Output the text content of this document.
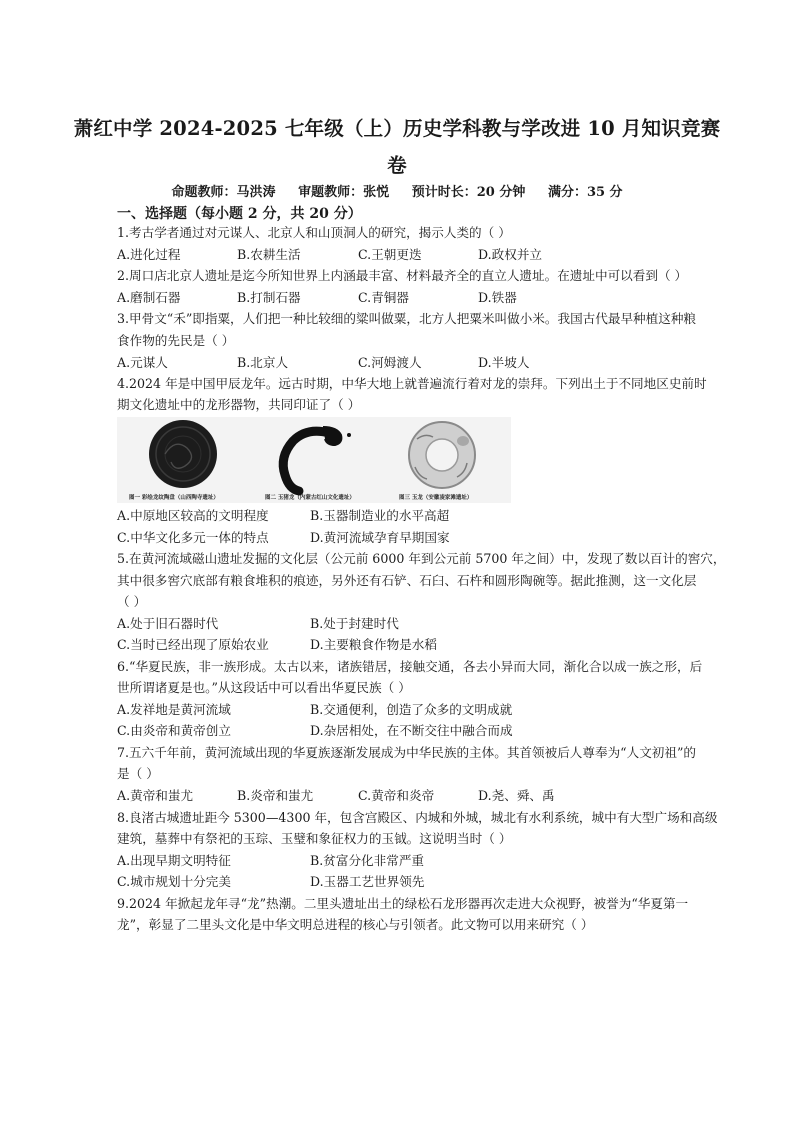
萧红中学 2024-2025 七年级（上）历史学科教与学改进 10 月知识竞赛
卷
命题教师：马洪涛     审题教师：张悦     预计时长：20 分钟     满分：35 分
一、选择题（每小题 2 分，共 20 分）
1.考古学者通过对元谋人、北京人和山顶洞人的研究，揭示人类的（ ）
A.进化过程	B.农耕生活	C.王朝更迭	D.政权并立
2.周口店北京人遗址是迄今所知世界上内涵最丰富、材料最齐全的直立人遗址。在遗址中可以看到（ ）
A.磨制石器	B.打制石器	C.青铜器	D.铁器
3.甲骨文“禾”即指粟，人们把一种比较细的粱叫做粟，北方人把粟米叫做小米。我国古代最早种植这种粮
食作物的先民是（ ）
A.元谋人	B.北京人	C.河姆渡人	D.半坡人
4.2024 年是中国甲辰龙年。远古时期，中华大地上就普遍流行着对龙的崇拜。下列出土于不同地区史前时
期文化遗址中的龙形器物，共同印证了（ ）
图一 彩绘龙纹陶盘（山西陶寺遗址）	图二 玉猪龙（内蒙古红山文化遗址）	图三 玉龙（安徽凌家滩遗址）
A.中原地区较高的文明程度	B.玉器制造业的水平高超
C.中华文化多元一体的特点	D.黄河流域孕育早期国家
5.在黄河流域磁山遗址发掘的文化层（公元前 6000 年到公元前 5700 年之间）中，发现了数以百计的窖穴，
其中很多窖穴底部有粮食堆积的痕迹，另外还有石铲、石臼、石杵和圆形陶碗等。据此推测，这一文化层
（ ）
A.处于旧石器时代	B.处于封建时代
C.当时已经出现了原始农业	D.主要粮食作物是水稻
6.“华夏民族，非一族形成。太古以来，诸族错居，接触交通，各去小异而大同，渐化合以成一族之形，后
世所谓诸夏是也。”从这段话中可以看出华夏民族（ ）
A.发祥地是黄河流域	B.交通便利，创造了众多的文明成就
C.由炎帝和黄帝创立	D.杂居相处，在不断交往中融合而成
7.五六千年前，黄河流域出现的华夏族逐渐发展成为中华民族的主体。其首领被后人尊奉为“人文初祖”的
是（ ）
A.黄帝和蚩尤	B.炎帝和蚩尤	C.黄帝和炎帝	D.尧、舜、禹
8.良渚古城遗址距今 5300—4300 年，包含宫殿区、内城和外城，城北有水利系统，城中有大型广场和高级
建筑，墓葬中有祭祀的玉琮、玉璧和象征权力的玉钺。这说明当时（ ）
A.出现早期文明特征	B.贫富分化非常严重
C.城市规划十分完美	D.玉器工艺世界领先
9.2024 年掀起龙年寻“龙”热潮。二里头遗址出土的绿松石龙形器再次走进大众视野，被誉为“华夏第一
龙”，彰显了二里头文化是中华文明总进程的核心与引领者。此文物可以用来研究（ ）
